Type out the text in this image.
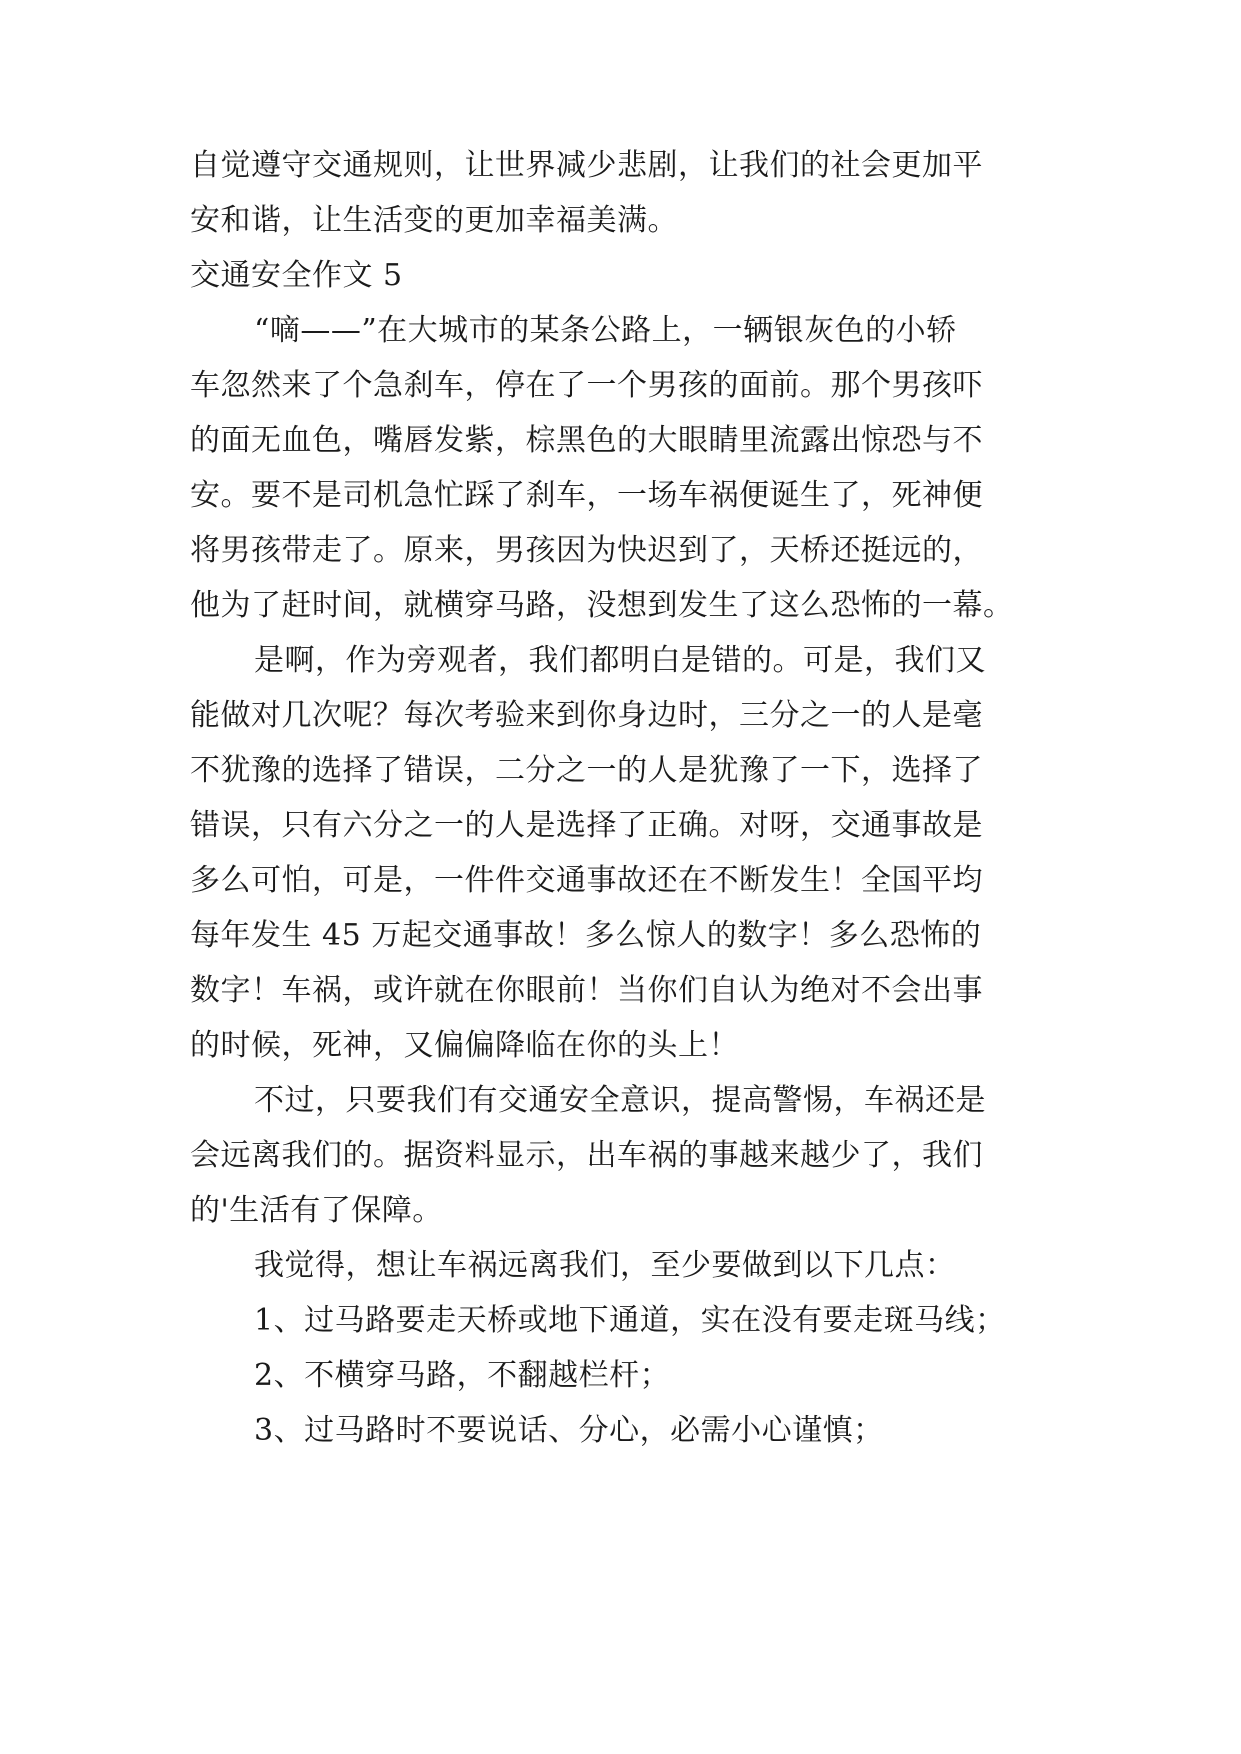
自觉遵守交通规则，让世界减少悲剧，让我们的社会更加平
安和谐，让生活变的更加幸福美满。
交通安全作文 5
“嘀——”在大城市的某条公路上，一辆银灰色的小轿
车忽然来了个急刹车，停在了一个男孩的面前。那个男孩吓
的面无血色，嘴唇发紫，棕黑色的大眼睛里流露出惊恐与不
安。要不是司机急忙踩了刹车，一场车祸便诞生了，死神便
将男孩带走了。原来，男孩因为快迟到了，天桥还挺远的，
他为了赶时间，就横穿马路，没想到发生了这么恐怖的一幕。
是啊，作为旁观者，我们都明白是错的。可是，我们又
能做对几次呢？每次考验来到你身边时，三分之一的人是毫
不犹豫的选择了错误，二分之一的人是犹豫了一下，选择了
错误，只有六分之一的人是选择了正确。对呀，交通事故是
多么可怕，可是，一件件交通事故还在不断发生！全国平均
每年发生 45 万起交通事故！多么惊人的数字！多么恐怖的
数字！车祸，或许就在你眼前！当你们自认为绝对不会出事
的时候，死神，又偏偏降临在你的头上！
不过，只要我们有交通安全意识，提高警惕，车祸还是
会远离我们的。据资料显示，出车祸的事越来越少了，我们
的'生活有了保障。
我觉得，想让车祸远离我们，至少要做到以下几点：
1、过马路要走天桥或地下通道，实在没有要走斑马线；
2、不横穿马路，不翻越栏杆；
3、过马路时不要说话、分心，必需小心谨慎；
